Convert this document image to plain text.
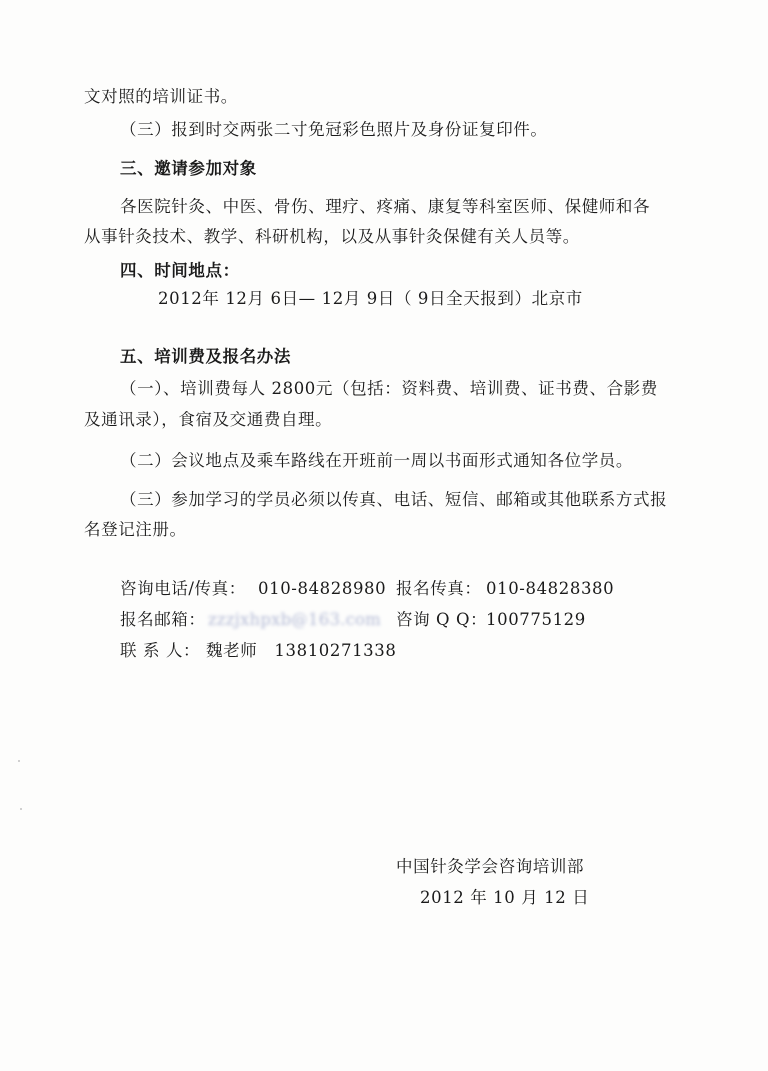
文对照的培训证书。
（三）报到时交两张二寸免冠彩色照片及身份证复印件。
三、邀请参加对象
各医院针灸、中医、骨伤、理疗、疼痛、康复等科室医师、保健师和各
从事针灸技术、教学、科研机构，以及从事针灸保健有关人员等。
四、时间地点：
2012年 12月 6日— 12月 9日（ 9日全天报到）北京市
五、培训费及报名办法
（一）、培训费每人 2800元（包括：资料费、培训费、证书费、合影费
及通讯录），食宿及交通费自理。
（二）会议地点及乘车路线在开班前一周以书面形式通知各位学员。
（三）参加学习的学员必须以传真、电话、短信、邮箱或其他联系方式报
名登记注册。
咨询电话/传真： 010-84828980 报名传真： 010-84828380
报名邮箱： zzzjxhpxb@163.com 咨询 Q Q：
100775129
联 系 人： 魏老师　13810271338
中国针灸学会咨询培训部
2012 年 10 月 12 日
